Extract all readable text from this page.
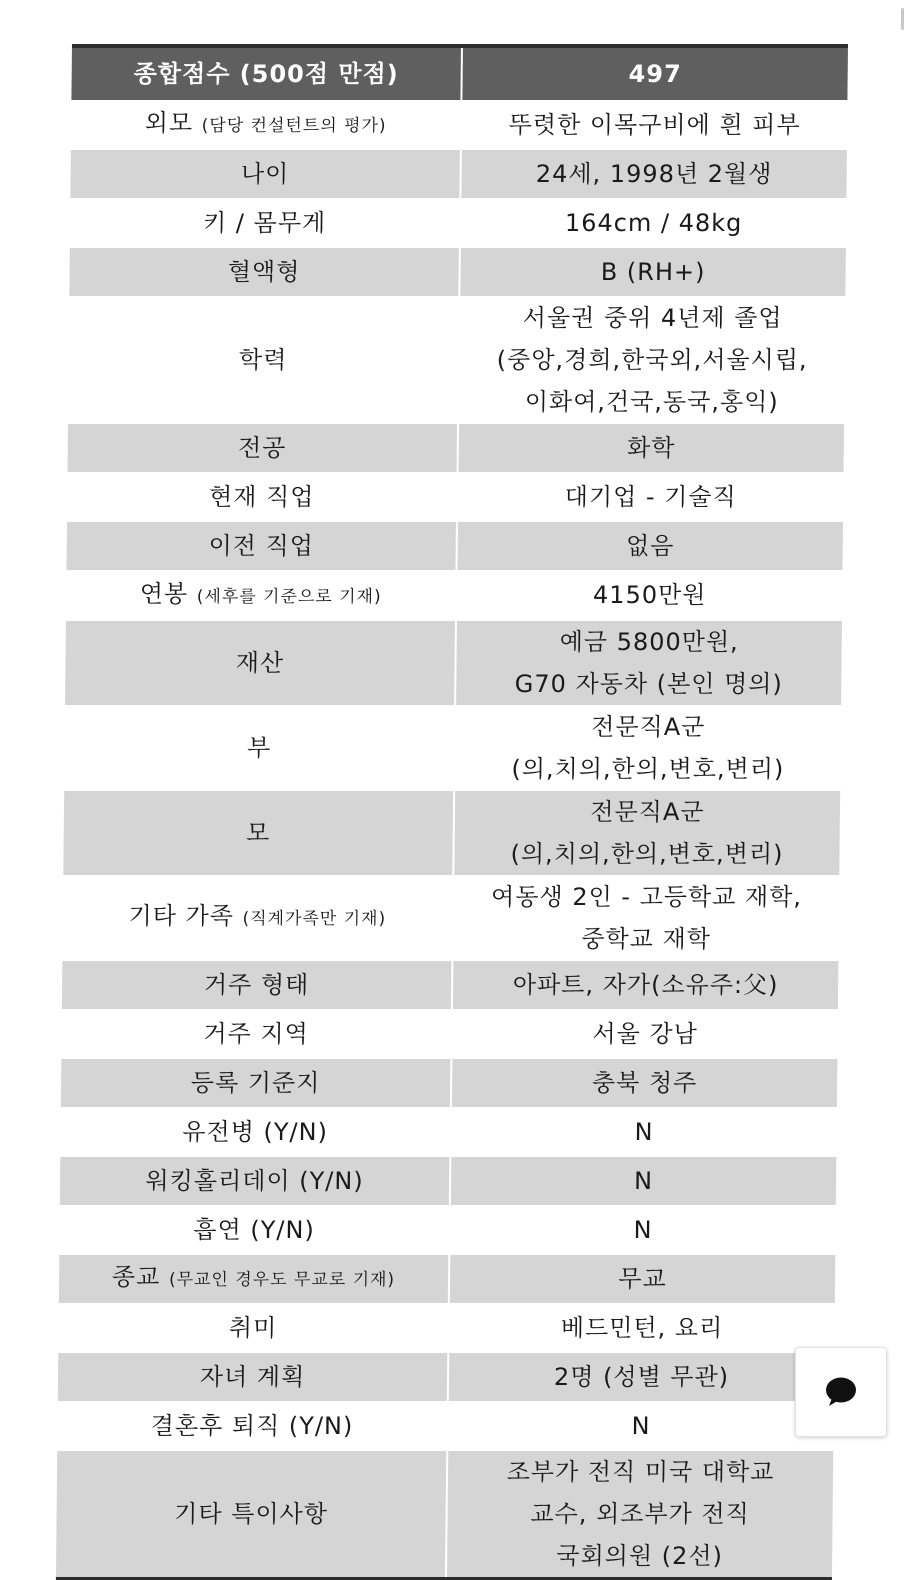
종합점수 (500점 만점)	497
외모 (담당 컨설턴트의 평가)	뚜렷한 이목구비에 흰 피부

나이	24세, 1998년 2월생

키 / 몸무게	164cm / 48kg

혈액형	B (RH+)

학력	서울권 중위 4년제 졸업
(중앙,경희,한국외,서울시립,
이화여,건국,동국,홍익)

전공	화학

현재 직업	대기업 - 기술직

이전 직업	없음

연봉 (세후를 기준으로 기재)	4150만원

재산	예금 5800만원,
G70 자동차 (본인 명의)

부	전문직A군
(의,치의,한의,변호,변리)

모	전문직A군
(의,치의,한의,변호,변리)

기타 가족 (직계가족만 기재)	여동생 2인 - 고등학교 재학,
중학교 재학

거주 형태	아파트, 자가(소유주:父)

거주 지역	서울 강남

등록 기준지	충북 청주

유전병 (Y/N)	N

워킹홀리데이 (Y/N)	N

흡연 (Y/N)	N

종교 (무교인 경우도 무교로 기재)	무교

취미	베드민턴, 요리

자녀 계획	2명 (성별 무관)

결혼후 퇴직 (Y/N)	N

기타 특이사항	조부가 전직 미국 대학교
교수, 외조부가 전직
국회의원 (2선)
